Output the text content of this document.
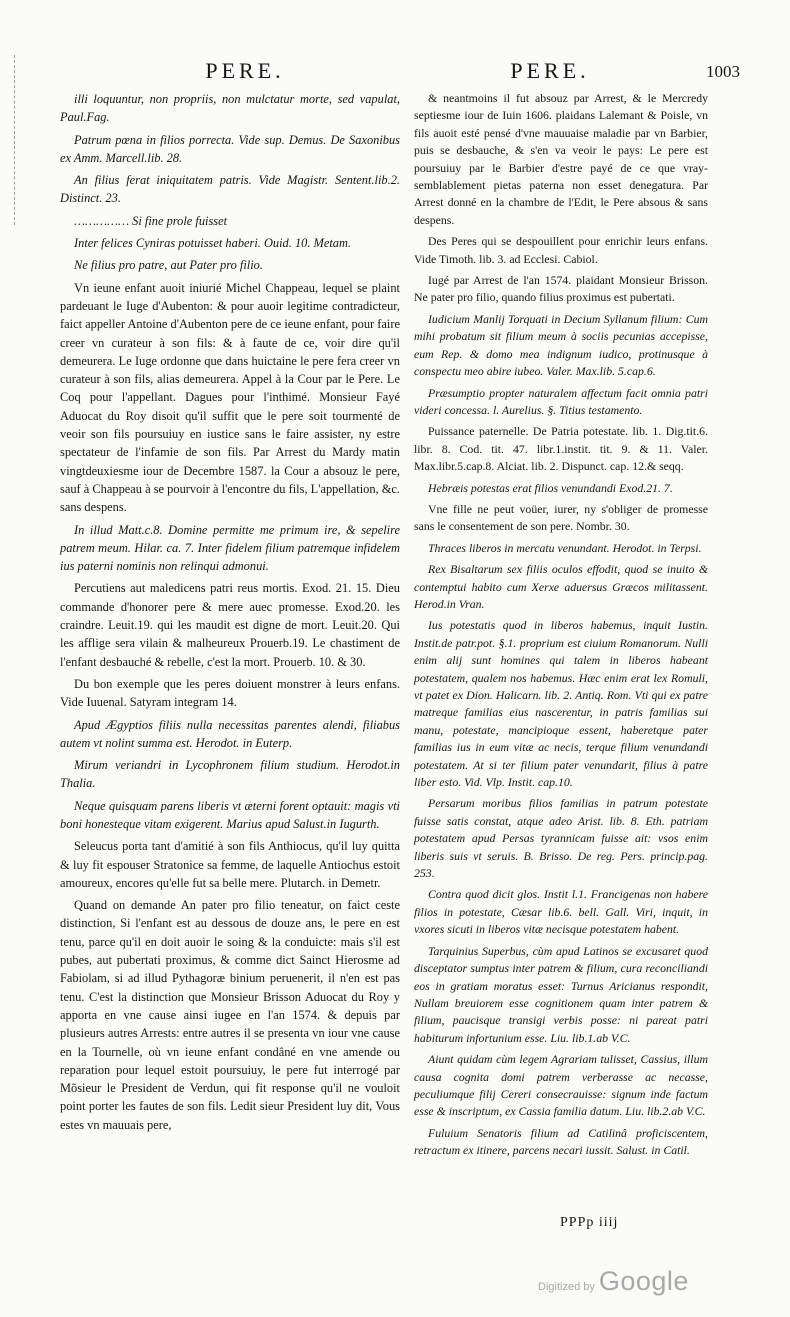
PERE.	PERE.	1003

illi loquuntur, non propriis, non mulctatur morte, sed vapulat, Paul.Fag.

Patrum pœna in filios porrecta. Vide sup. Demus. De Saxonibus ex Amm. Marcell.lib. 28.

An filius ferat iniquitatem patris. Vide Magistr. Sentent.lib.2. Distinct. 23.

…………… Si fine prole fuisset

Inter felices Cyniras potuisset haberi. Ouid. 10. Metam.

Ne filius pro patre, aut Pater pro filio.

Vn ieune enfant auoit iniurié Michel Chappeau, lequel se plaint pardeuant le Iuge d'Aubenton: & pour auoir legitime contradicteur, faict appeller Antoine d'Aubenton pere de ce ieune enfant, pour faire creer vn curateur à son fils: & à faute de ce, voir dire qu'il demeurera. Le Iuge ordonne que dans huictaine le pere fera creer vn curateur à son fils, alias demeurera. Appel à la Cour par le Pere. Le Coq pour l'appellant. Dagues pour l'inthimé. Monsieur Fayé Aduocat du Roy disoit qu'il suffit que le pere soit tourmenté de veoir son fils poursuiuy en iustice sans le faire assister, ny estre spectateur de l'infamie de son fils. Par Arrest du Mardy matin vingtdeuxiesme iour de Decembre 1587. la Cour a absouz le pere, sauf à Chappeau à se pourvoir à l'encontre du fils, L'appellation, &c. sans despens.

In illud Matt.c.8. Domine permitte me primum ire, & sepelire patrem meum. Hilar. ca. 7. Inter fidelem filium patremque infidelem ius paterni nominis non relinqui admonui.

Percutiens aut maledicens patri reus mortis. Exod. 21. 15. Dieu commande d'honorer pere & mere auec promesse. Exod.20. les craindre. Leuit.19. qui les maudit est digne de mort. Leuit.20. Qui les afflige sera vilain & malheureux Prouerb.19. Le chastiment de l'enfant desbauché & rebelle, c'est la mort. Prouerb. 10. & 30.

Du bon exemple que les peres doiuent monstrer à leurs enfans. Vide Iuuenal. Satyram integram 14.

Apud Ægyptios filiis nulla necessitas parentes alendi, filiabus autem vt nolint summa est. Herodot. in Euterp.

Mirum veriandri in Lycophronem filium studium. Herodot.in Thalia.

Neque quisquam parens liberis vt æterni forent optauit: magis vti boni honesteque vitam exigerent. Marius apud Salust.in Iugurth.

Seleucus porta tant d'amitié à son fils Anthiocus, qu'il luy quitta & luy fit espouser Stratonice sa femme, de laquelle Antiochus estoit amoureux, encores qu'elle fut sa belle mere. Plutarch. in Demetr.

Quand on demande An pater pro filio teneatur, on faict ceste distinction, Si l'enfant est au dessous de douze ans, le pere en est tenu, parce qu'il en doit auoir le soing & la conduicte: mais s'il est pubes, aut pubertati proximus, & comme dict Sainct Hierosme ad Fabiolam, si ad illud Pythagoræ binium peruenerit, il n'en est pas tenu. C'est la distinction que Monsieur Brisson Aduocat du Roy y apporta en vne cause ainsi iugee en l'an 1574. & depuis par plusieurs autres Arrests: entre autres il se presenta vn iour vne cause en la Tournelle, où vn ieune enfant condâné en vne amende ou reparation pour lequel estoit poursuiuy, le pere fut interrogé par Mõsieur le President de Verdun, qui fit response qu'il ne vouloit point porter les fautes de son fils. Ledit sieur President luy dit, Vous estes vn mauuais pere,

& neantmoins il fut absouz par Arrest, & le Mercredy septiesme iour de Iuin 1606. plaidans Lalemant & Poisle, vn fils auoit esté pensé d'vne mauuaise maladie par vn Barbier, puis se desbauche, & s'en va veoir le pays: Le pere est poursuiuy par le Barbier d'estre payé de ce que vray-semblablement pietas paterna non esset denegatura. Par Arrest donné en la chambre de l'Edit, le Pere absous & sans despens.

Des Peres qui se despouillent pour enrichir leurs enfans. Vide Timoth. lib. 3. ad Ecclesi. Cabiol.

Iugé par Arrest de l'an 1574. plaidant Monsieur Brisson. Ne pater pro filio, quando filius proximus est pubertati.

Iudicium Manlij Torquati in Decium Syllanum filium: Cum mihi probatum sit filium meum à sociis pecunias accepisse, eum Rep. & domo mea indignum iudico, protinusque à conspectu meo abire iubeo. Valer. Max.lib. 5.cap.6.

Præsumptio propter naturalem affectum facit omnia patri videri concessa. l. Aurelius. §. Titius testamento.

Puissance paternelle. De Patria potestate. lib. 1. Dig.tit.6. libr. 8. Cod. tit. 47. libr.1.instit. tit. 9. & 11. Valer. Max.libr.5.cap.8. Alciat. lib. 2. Dispunct. cap. 12.& seqq.

Hebræis potestas erat filios venundandi Exod.21. 7.

Vne fille ne peut voüer, iurer, ny s'obliger de promesse sans le consentement de son pere. Nombr. 30.

Thraces liberos in mercatu venundant. Herodot. in Terpsi.

Rex Bisaltarum sex filiis oculos effodit, quod se inuito & contemptui habito cum Xerxe aduersus Græcos militassent. Herod.in Vran.

Ius potestatis quod in liberos habemus, inquit Iustin. Instit.de patr.pot. §.1. proprium est ciuium Romanorum. Nulli enim alij sunt homines qui talem in liberos habeant potestatem, qualem nos habemus. Hæc enim erat lex Romuli, vt patet ex Dion. Halicarn. lib. 2. Antiq. Rom. Vti qui ex patre matreque familias eius nascerentur, in patris familias sui manu, potestate, mancipioque essent, haberetque pater familias ius in eum vitæ ac necis, terque filium venundandi potestatem. At si ter filium pater venundarit, filius à patre liber esto. Vid. Vlp. Instit. cap.10.

Persarum moribus filios familias in patrum potestate fuisse satis constat, atque adeo Arist. lib. 8. Eth. patriam potestatem apud Persas tyrannicam fuisse ait: vsos enim liberis suis vt seruis. B. Brisso. De reg. Pers. princip.pag. 253.

Contra quod dicit glos. Instit l.1. Francigenas non habere filios in potestate, Cæsar lib.6. bell. Gall. Viri, inquit, in vxores sicuti in liberos vitæ necisque potestatem habent.

Tarquinius Superbus, cùm apud Latinos se excusaret quod disceptator sumptus inter patrem & filium, cura reconciliandi eos in gratiam moratus esset: Turnus Aricianus respondit, Nullam breuiorem esse cognitionem quam inter patrem & filium, paucisque transigi verbis posse: ni pareat patri habiturum infortunium esse. Liu. lib.1.ab V.C.

Aiunt quidam cùm legem Agrariam tulisset, Cassius, illum causa cognita domi patrem verberasse ac necasse, peculiumque filij Cereri consecrauisse: signum inde factum esse & inscriptum, ex Cassia familia datum. Liu. lib.2.ab V.C.

Fuluium Senatoris filium ad Catilinâ proficiscentem, retractum ex itinere, parcens necari iussit. Salust. in Catil.

PPPp iiij
Digitized by Google
